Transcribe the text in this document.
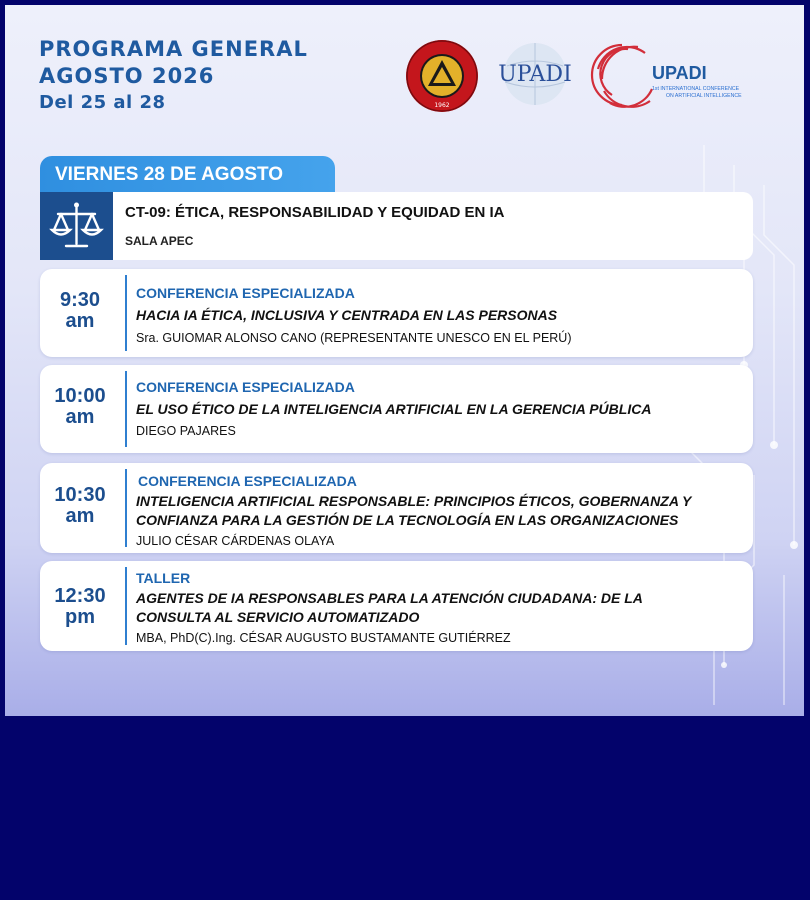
PROGRAMA GENERAL
AGOSTO 2026
Del 25 al 28	1962
UPADI	UPADI
1st INTERNATIONAL CONFERENCE
ON ARTIFICIAL INTELLIGENCE
VIERNES 28 DE AGOSTO
CT-09: ÉTICA, RESPONSABILIDAD Y EQUIDAD EN IA
SALA APEC
9:30
am
CONFERENCIA ESPECIALIZADA
HACIA IA ÉTICA, INCLUSIVA Y CENTRADA EN LAS PERSONAS
Sra. GUIOMAR ALONSO CANO (REPRESENTANTE UNESCO EN EL PERÚ)
10:00
am
CONFERENCIA ESPECIALIZADA
EL USO ÉTICO DE LA INTELIGENCIA ARTIFICIAL EN LA GERENCIA PÚBLICA
DIEGO PAJARES
10:30
am
CONFERENCIA ESPECIALIZADA
INTELIGENCIA ARTIFICIAL RESPONSABLE: PRINCIPIOS ÉTICOS, GOBERNANZA Y
CONFIANZA PARA LA GESTIÓN DE LA TECNOLOGÍA EN LAS ORGANIZACIONES
JULIO CÉSAR CÁRDENAS OLAYA
12:30
pm
TALLER
AGENTES DE IA RESPONSABLES PARA LA ATENCIÓN CIUDADANA: DE LA
CONSULTA AL SERVICIO AUTOMATIZADO
MBA, PhD(C).Ing. CÉSAR AUGUSTO BUSTAMANTE GUTIÉRREZ
